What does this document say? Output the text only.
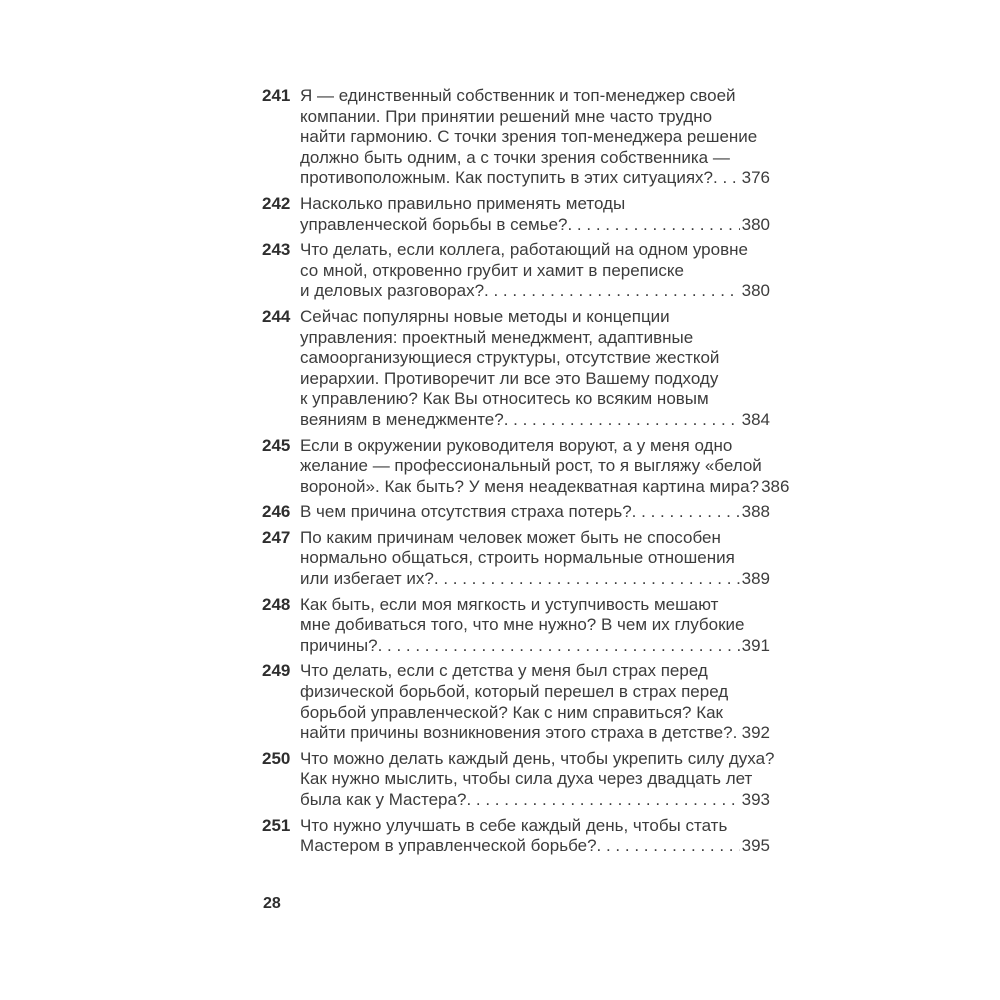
241 Я — единственный собственник и топ-менеджер своей
компании. При принятии решений мне часто трудно
найти гармонию. С точки зрения топ-менеджера решение
должно быть одним, а с точки зрения собственника —
противоположным. Как поступить в этих ситуациях? . . . 376
242 Насколько правильно применять методы
управленческой борьбы в семье? . . .	380
243 Что делать, если коллега, работающий на одном уровне
со мной, откровенно грубит и хамит в переписке
и деловых разговорах? . . .	380
244 Сейчас популярны новые методы и концепции
управления: проектный менеджмент, адаптивные
самоорганизующиеся структуры, отсутствие жесткой
иерархии. Противоречит ли все это Вашему подходу
к управлению? Как Вы относитесь ко всяким новым
веяниям в менеджменте? . . .	384
245 Если в окружении руководителя воруют, а у меня одно
желание — профессиональный рост, то я выгляжу «белой
вороной». Как быть? У меня неадекватная картина мира? 386
246 В чем причина отсутствия страха потерь? . . .	388
247 По каким причинам человек может быть не способен
нормально общаться, строить нормальные отношения
или избегает их? . . .	389
248 Как быть, если моя мягкость и уступчивость мешают
мне добиваться того, что мне нужно? В чем их глубокие
причины? . . .	391
249 Что делать, если с детства у меня был страх перед
физической борьбой, который перешел в страх перед
борьбой управленческой? Как с ним справиться? Как
найти причины возникновения этого страха в детстве? . . . 392
250 Что можно делать каждый день, чтобы укрепить силу духа?
Как нужно мыслить, чтобы сила духа через двадцать лет
была как у Мастера? . . .	393
251 Что нужно улучшать в себе каждый день, чтобы стать
Мастером в управленческой борьбе? . . .	395
28
